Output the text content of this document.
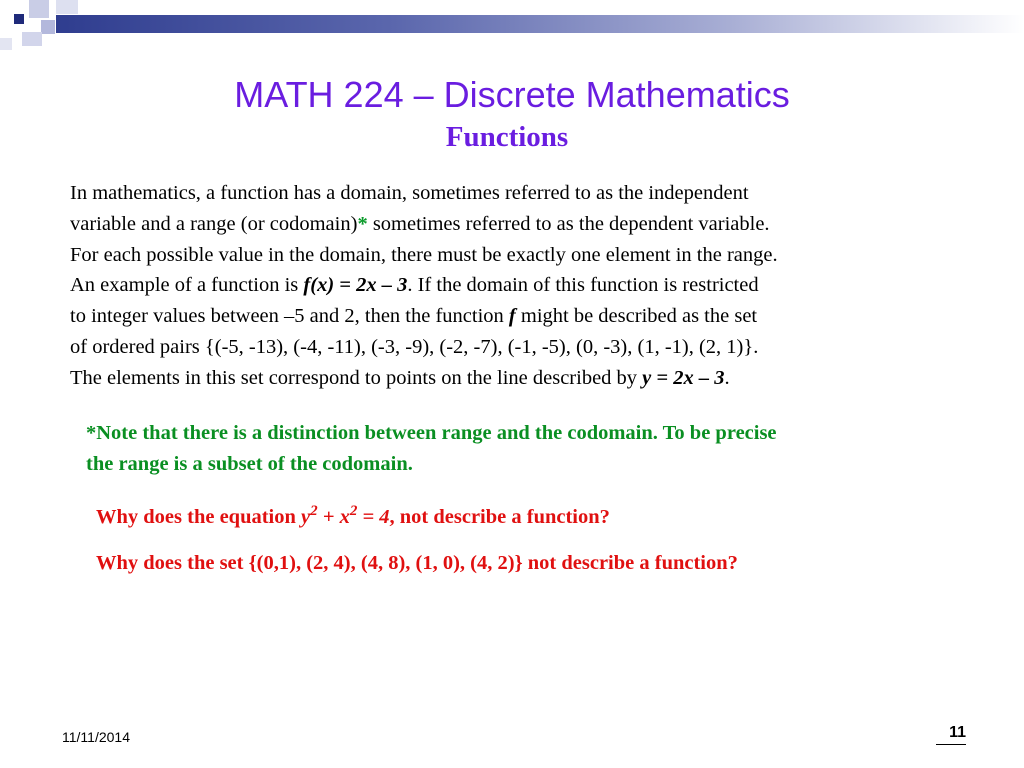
MATH 224 – Discrete Mathematics
Functions
In mathematics, a function has a domain, sometimes referred to as the independent
variable and a range (or codomain)* sometimes referred to as the dependent variable.
For each possible value in the domain, there must be exactly one element in the range.
An example of a function is f(x) = 2x – 3. If the domain of this function is restricted
to integer values between –5 and 2, then the function f might be described as the set
of ordered pairs {(-5, -13), (-4, -11), (-3, -9), (-2, -7), (-1, -5), (0, -3), (1, -1), (2, 1)}.
The elements in this set correspond to points on the line described by y = 2x – 3.
*Note that there is a distinction between range and the codomain. To be precise
the range is a subset of the codomain.
Why does the equation $y^2 + x^2 = 4$, not describe a function?
Why does the set {(0,1), (2, 4), (4, 8), (1, 0), (4, 2)} not describe a function?
11/11/2014	11
